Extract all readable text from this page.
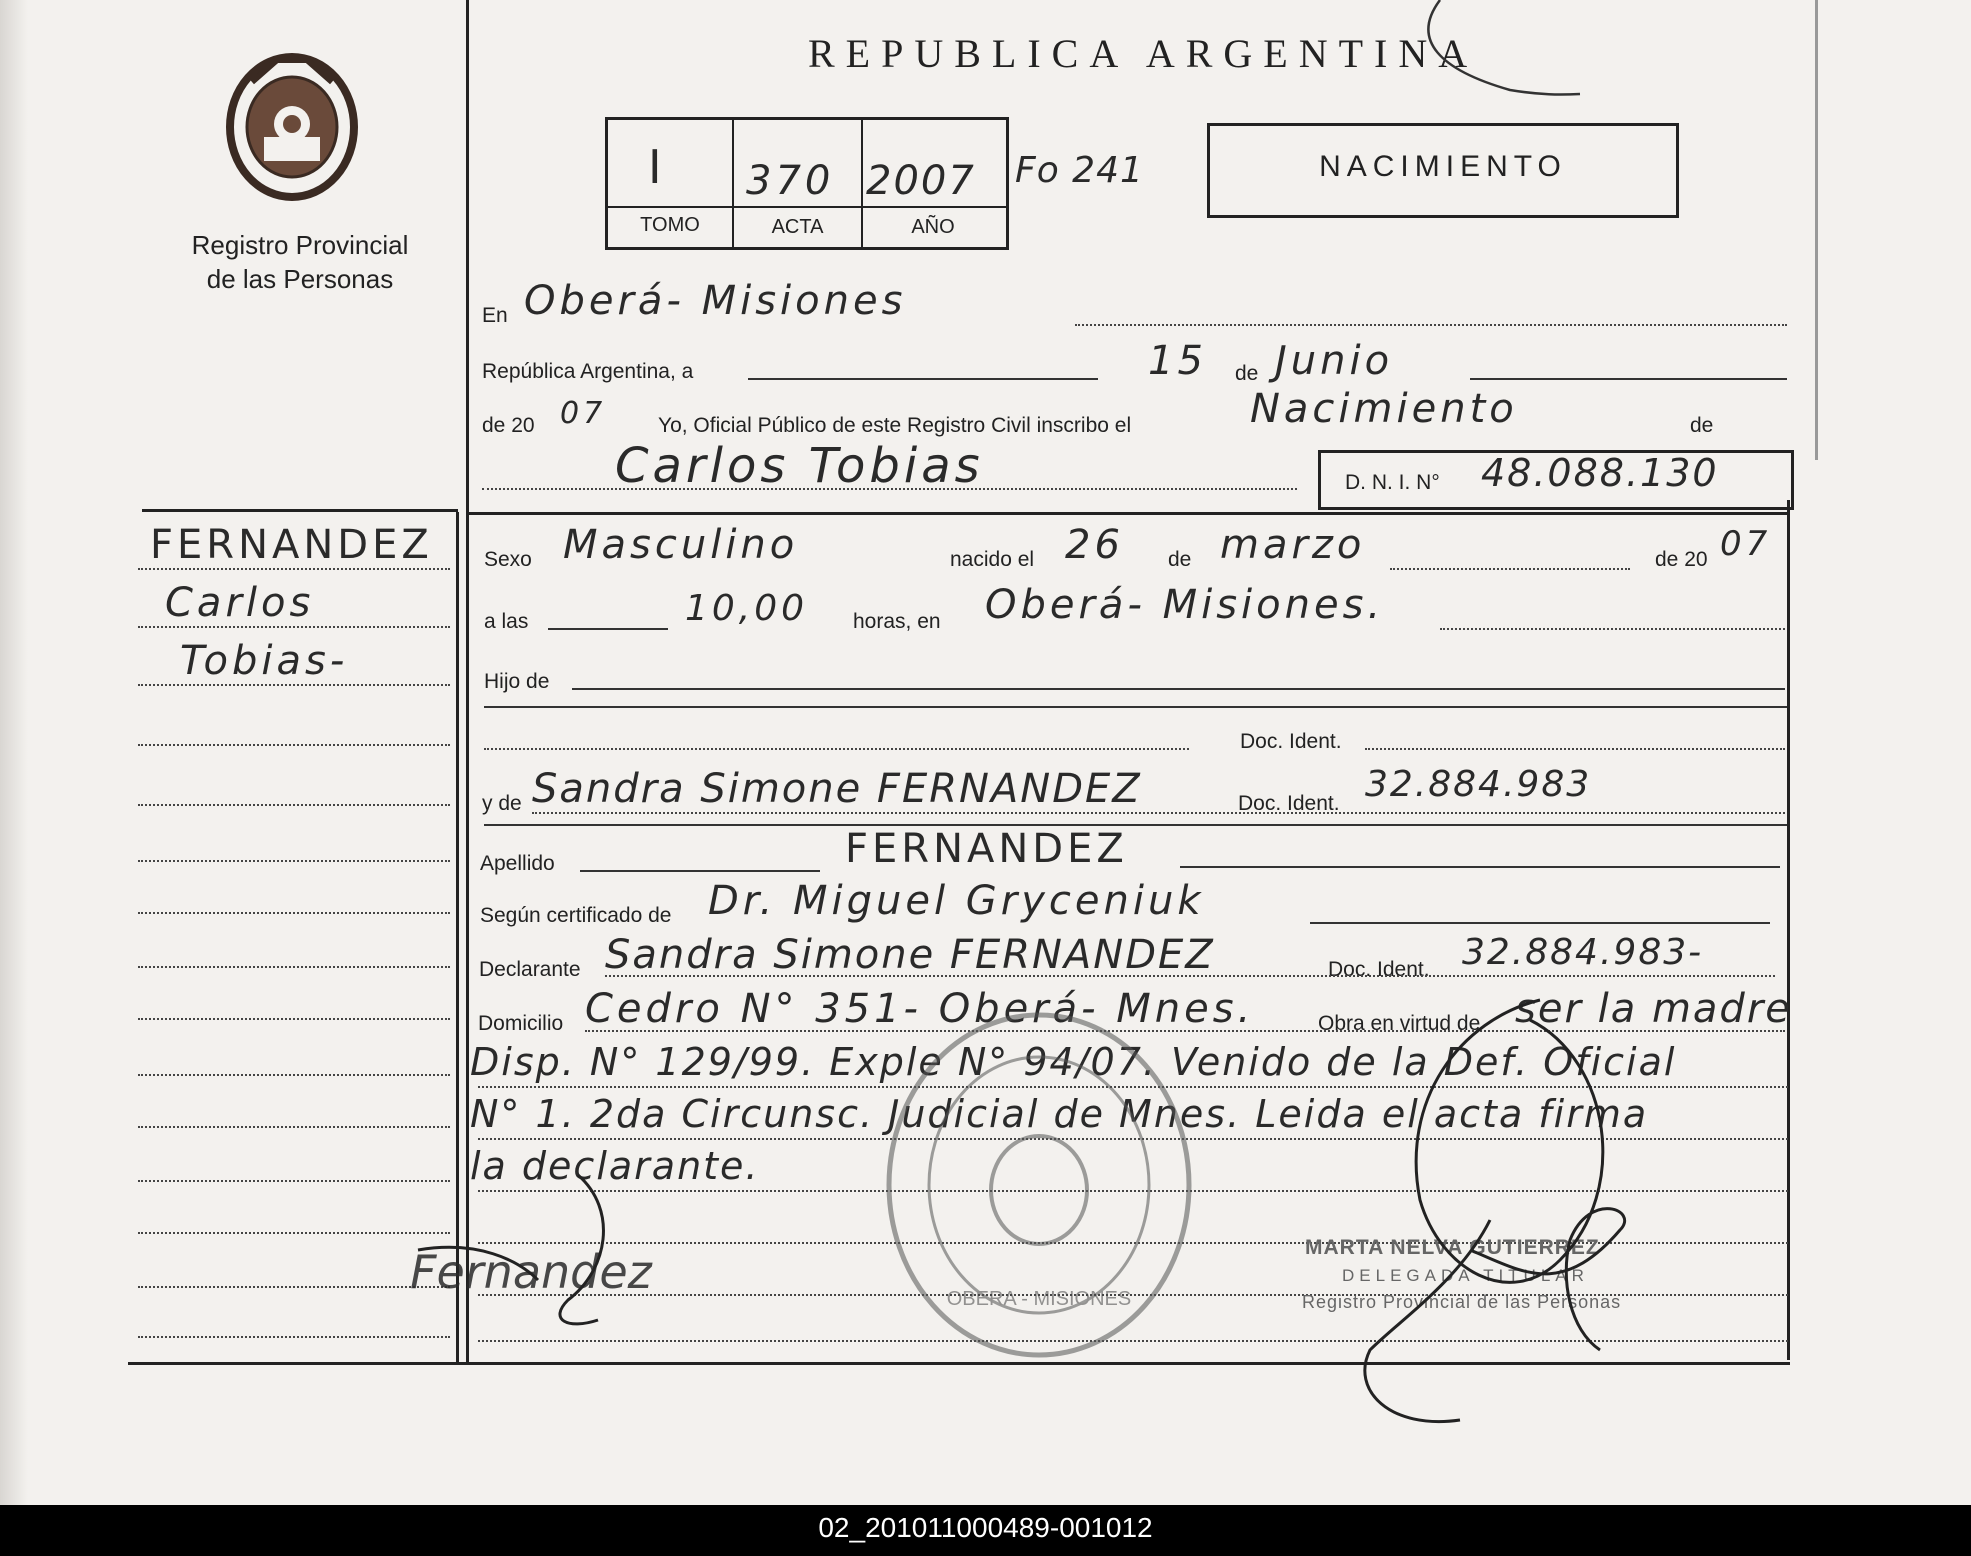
Registro Provincial
de las Personas
REPUBLICA ARGENTINA
I 370 2007
TOMO	ACTA	AÑO
Fo 241	NACIMIENTO
En Oberá- Misiones
República Argentina, a	15 de Junio
de 20 07 Yo, Oficial Público de este Registro Civil inscribo el	Nacimiento	de
Carlos Tobias	D. N. I. N° 48.088.130
FERNANDEZ
Carlos
Tobias-
Sexo Masculino	nacido el 26 de marzo	de 20 07
a las	10,00 horas, en Oberá- Misiones.
Hijo de
Doc. Ident.
y de Sandra Simone FERNANDEZ	Doc. Ident. 32.884.983
Apellido	FERNANDEZ
Según certificado de Dr. Miguel Gryceniuk
Declarante Sandra Simone FERNANDEZ	Doc. Ident. 32.884.983-
Domicilio Cedro N° 351- Oberá- Mnes.	Obra en virtud de ser la madre
Disp. N° 129/99. Exple N° 94/07. Venido de la Def. Oficial
N° 1. 2da Circunsc. Judicial de Mnes. Leida el acta firma
la declarante.
OBERA - MISIONES
MARTA NELVA GUTIERREZ
DELEGADA TITULAR
Registro Provincial de las Personas
Fernandez
02_201011000489-001012
